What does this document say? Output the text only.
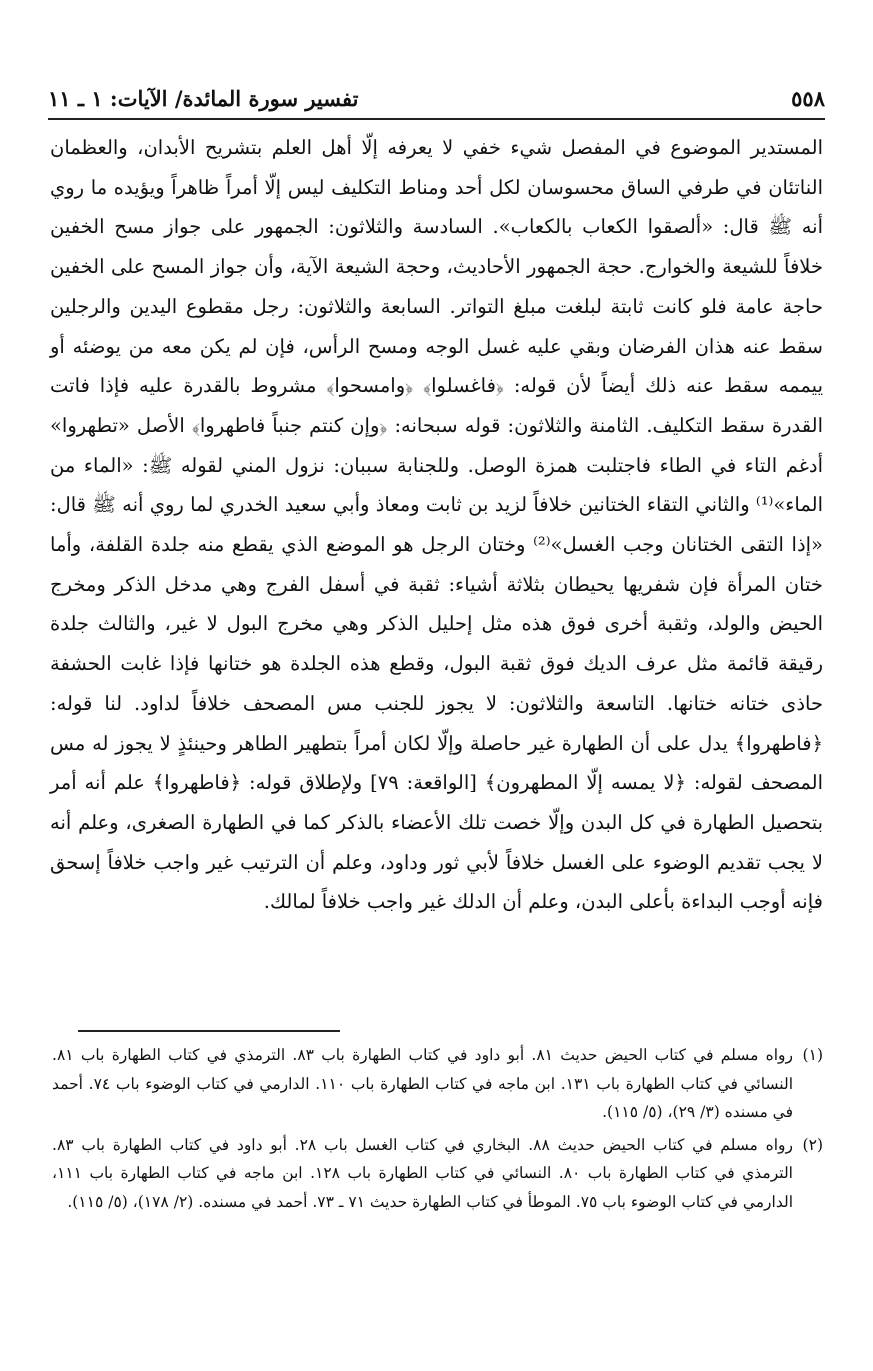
٥٥٨
تفسير سورة المائدة/ الآيات: ١ ـ ١١

المستدير الموضوع في المفصل شيء خفي لا يعرفه إلّا أهل العلم بتشريح الأبدان، والعظمان الناتئان في طرفي الساق محسوسان لكل أحد ومناط التكليف ليس إلّا أمراً ظاهراً ويؤيده ما روي أنه ﷺ قال: «ألصقوا الكعاب بالكعاب». السادسة والثلاثون: الجمهور على جواز مسح الخفين خلافاً للشيعة والخوارج. حجة الجمهور الأحاديث، وحجة الشيعة الآية، وأن جواز المسح على الخفين حاجة عامة فلو كانت ثابتة لبلغت مبلغ التواتر. السابعة والثلاثون: رجل مقطوع اليدين والرجلين سقط عنه هذان الفرضان وبقي عليه غسل الوجه ومسح الرأس، فإن لم يكن معه من يوضئه أو ييممه سقط عنه ذلك أيضاً لأن قوله: ﴿فاغسلوا﴾ ﴿وامسحوا﴾ مشروط بالقدرة عليه فإذا فاتت القدرة سقط التكليف. الثامنة والثلاثون: قوله سبحانه: ﴿وإن كنتم جنباً فاطهروا﴾ الأصل «تطهروا» أدغم التاء في الطاء فاجتلبت همزة الوصل. وللجنابة سببان: نزول المني لقوله ﷺ: «الماء من الماء»⁽¹⁾ والثاني التقاء الختانين خلافاً لزيد بن ثابت ومعاذ وأبي سعيد الخدري لما روي أنه ﷺ قال: «إذا التقى الختانان وجب الغسل»⁽²⁾ وختان الرجل هو الموضع الذي يقطع منه جلدة القلفة، وأما ختان المرأة فإن شفريها يحيطان بثلاثة أشياء: ثقبة في أسفل الفرج وهي مدخل الذكر ومخرج الحيض والولد، وثقبة أخرى فوق هذه مثل إحليل الذكر وهي مخرج البول لا غير، والثالث جلدة رقيقة قائمة مثل عرف الديك فوق ثقبة البول، وقطع هذه الجلدة هو ختانها فإذا غابت الحشفة حاذى ختانه ختانها. التاسعة والثلاثون: لا يجوز للجنب مس المصحف خلافاً لداود. لنا قوله: ﴿فاطهروا﴾ يدل على أن الطهارة غير حاصلة وإلّا لكان أمراً بتطهير الطاهر وحينئذٍ لا يجوز له مس المصحف لقوله: ﴿لا يمسه إلّا المطهرون﴾ [الواقعة: ٧٩] ولإطلاق قوله: ﴿فاطهروا﴾ علم أنه أمر بتحصيل الطهارة في كل البدن وإلّا خصت تلك الأعضاء بالذكر كما في الطهارة الصغرى، وعلم أنه لا يجب تقديم الوضوء على الغسل خلافاً لأبي ثور وداود، وعلم أن الترتيب غير واجب خلافاً إسحق فإنه أوجب البداءة بأعلى البدن، وعلم أن الدلك غير واجب خلافاً لمالك.

(١)رواه مسلم في كتاب الحيض حديث ٨١. أبو داود في كتاب الطهارة باب ٨٣. الترمذي في كتاب الطهارة باب ٨١. النسائي في كتاب الطهارة باب ١٣١. ابن ماجه في كتاب الطهارة باب ١١٠. الدارمي في كتاب الوضوء باب ٧٤. أحمد في مسنده (٣/ ٢٩)، (٥/ ١١٥).

(٢)رواه مسلم في كتاب الحيض حديث ٨٨. البخاري في كتاب الغسل باب ٢٨. أبو داود في كتاب الطهارة باب ٨٣. الترمذي في كتاب الطهارة باب ٨٠. النسائي في كتاب الطهارة باب ١٢٨. ابن ماجه في كتاب الطهارة باب ١١١، الدارمي في كتاب الوضوء باب ٧٥. الموطأ في كتاب الطهارة حديث ٧١ ـ ٧٣. أحمد في مسنده. (٢/ ١٧٨)، (٥/ ١١٥).
